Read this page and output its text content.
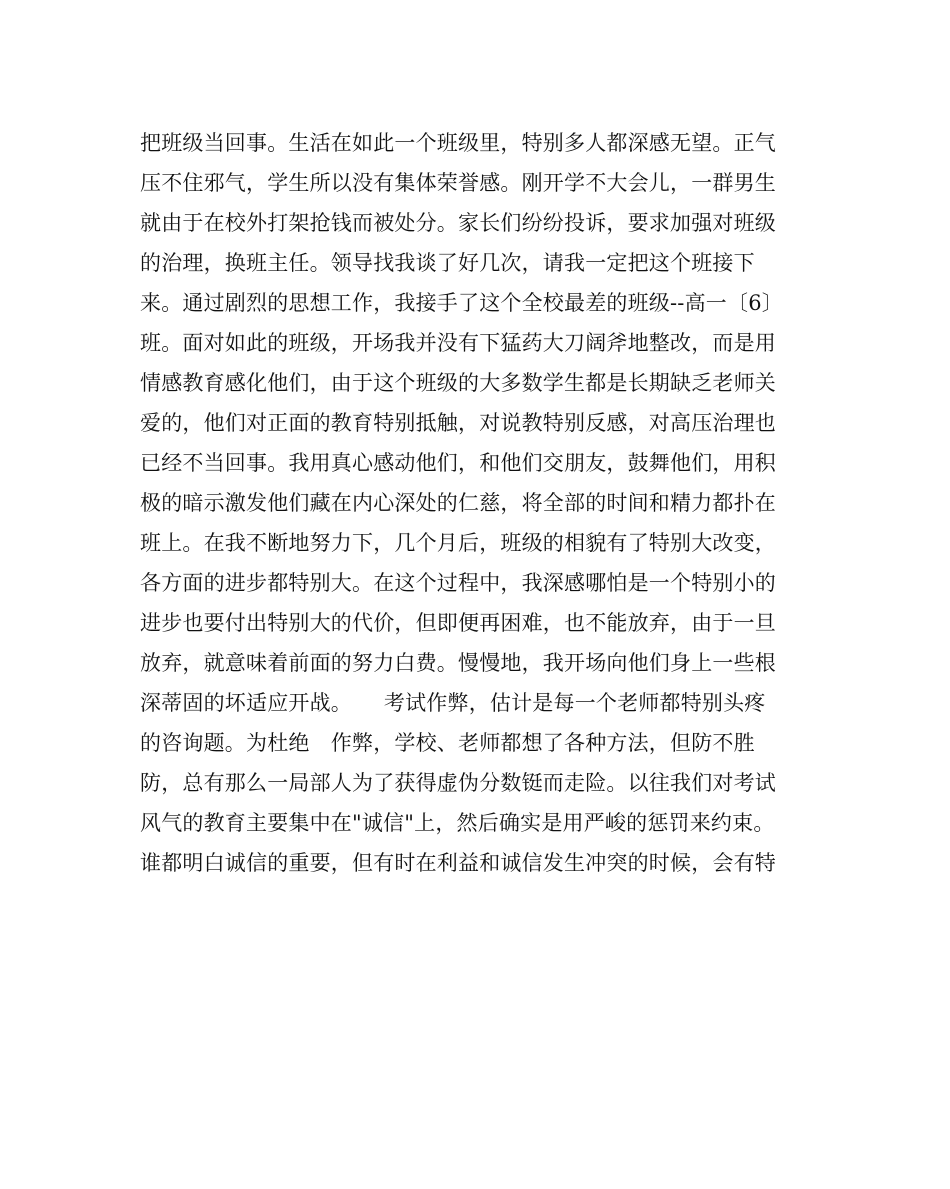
把班级当回事。生活在如此一个班级里，特别多人都深感无望。正气
压不住邪气，学生所以没有集体荣誉感。刚开学不大会儿，一群男生
就由于在校外打架抢钱而被处分。家长们纷纷投诉，要求加强对班级
的治理，换班主任。领导找我谈了好几次，请我一定把这个班接下
来。通过剧烈的思想工作，我接手了这个全校最差的班级--高一〔6〕
班。面对如此的班级，开场我并没有下猛药大刀阔斧地整改，而是用
情感教育感化他们，由于这个班级的大多数学生都是长期缺乏老师关
爱的，他们对正面的教育特别抵触，对说教特别反感，对高压治理也
已经不当回事。我用真心感动他们，和他们交朋友，鼓舞他们，用积
极的暗示激发他们藏在内心深处的仁慈，将全部的时间和精力都扑在
班上。在我不断地努力下，几个月后，班级的相貌有了特别大改变，
各方面的进步都特别大。在这个过程中，我深感哪怕是一个特别小的
进步也要付出特别大的代价，但即便再困难，也不能放弃，由于一旦
放弃，就意味着前面的努力白费。慢慢地，我开场向他们身上一些根
深蒂固的坏适应开战。　　考试作弊，估计是每一个老师都特别头疼
的咨询题。为杜绝　作弊，学校、老师都想了各种方法，但防不胜
防，总有那么一局部人为了获得虚伪分数铤而走险。以往我们对考试
风气的教育主要集中在"诚信"上，然后确实是用严峻的惩罚来约束。
谁都明白诚信的重要，但有时在利益和诚信发生冲突的时候，会有特
